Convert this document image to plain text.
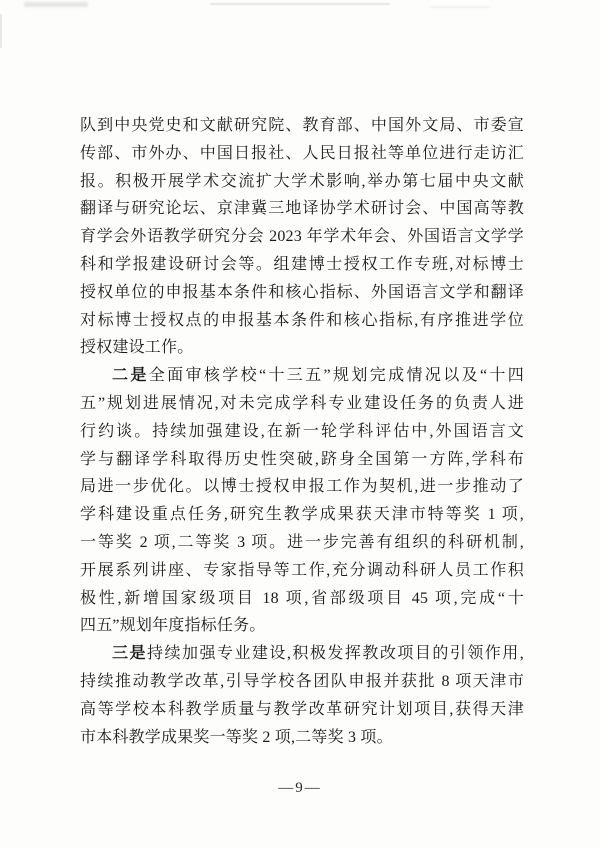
队到中央党史和文献研究院、教育部、中国外文局、市委宣
传部、市外办、中国日报社、人民日报社等单位进行走访汇
报。积极开展学术交流扩大学术影响,举办第七届中央文献
翻译与研究论坛、京津冀三地译协学术研讨会、中国高等教
育学会外语教学研究分会 2023 年学术年会、外国语言文学学
科和学报建设研讨会等。组建博士授权工作专班,对标博士
授权单位的申报基本条件和核心指标、外国语言文学和翻译
对标博士授权点的申报基本条件和核心指标,有序推进学位
授权建设工作。
二是全面审核学校“十三五”规划完成情况以及“十四
五”规划进展情况,对未完成学科专业建设任务的负责人进
行约谈。持续加强建设,在新一轮学科评估中,外国语言文
学与翻译学科取得历史性突破,跻身全国第一方阵,学科布
局进一步优化。以博士授权申报工作为契机,进一步推动了
学科建设重点任务,研究生教学成果获天津市特等奖 1 项,
一等奖 2 项,二等奖 3 项。进一步完善有组织的科研机制,
开展系列讲座、专家指导等工作,充分调动科研人员工作积
极性,新增国家级项目 18 项,省部级项目 45 项,完成“十
四五”规划年度指标任务。
三是持续加强专业建设,积极发挥教改项目的引领作用,
持续推动教学改革,引导学校各团队申报并获批 8 项天津市
高等学校本科教学质量与教学改革研究计划项目,获得天津
市本科教学成果奖一等奖 2 项,二等奖 3 项。
—9—
